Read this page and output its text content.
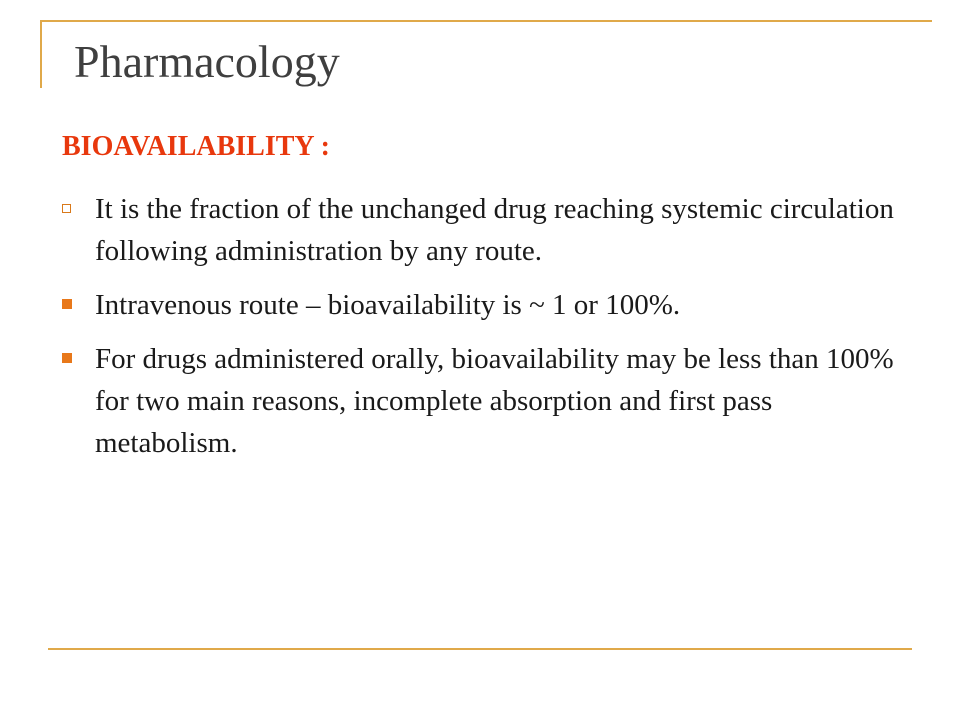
Pharmacology
BIOAVAILABILITY :
It is the fraction of the unchanged drug reaching systemic circulation following administration by any route.
Intravenous route – bioavailability is ~ 1 or 100%.
For drugs administered orally, bioavailability may be less than 100% for two main reasons, incomplete absorption and first pass metabolism.
